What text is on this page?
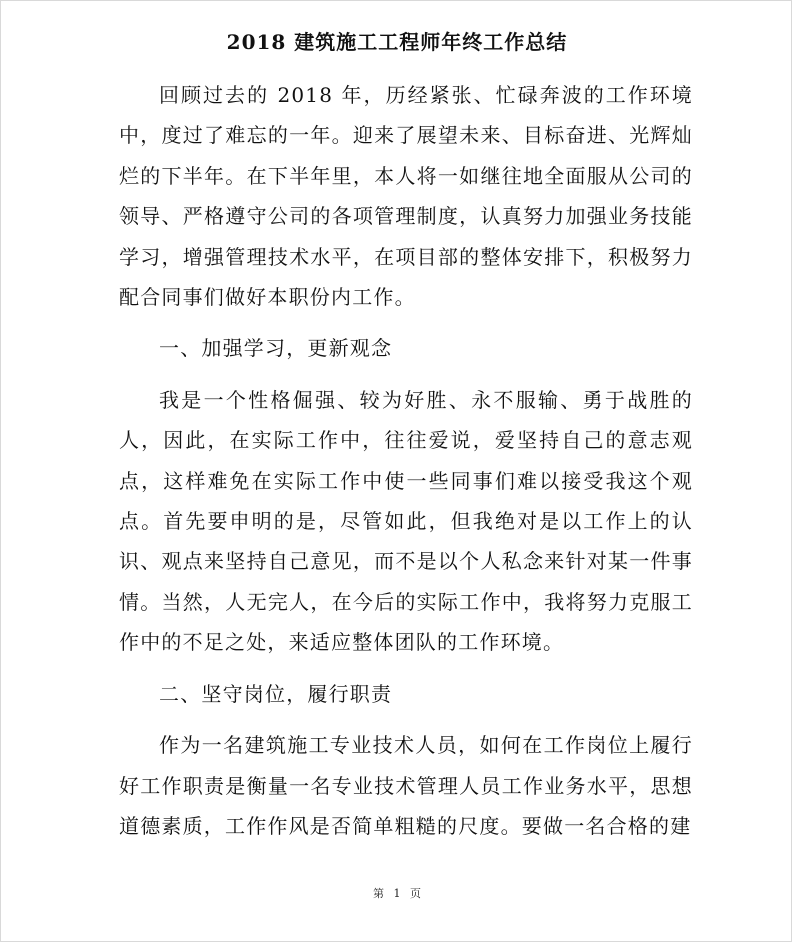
2018 建筑施工工程师年终工作总结

回顾过去的 2018 年，历经紧张、忙碌奔波的工作环境中，度过了难忘的一年。迎来了展望未来、目标奋进、光辉灿烂的下半年。在下半年里，本人将一如继往地全面服从公司的领导、严格遵守公司的各项管理制度，认真努力加强业务技能学习，增强管理技术水平，在项目部的整体安排下，积极努力配合同事们做好本职份内工作。

一、加强学习，更新观念

我是一个性格倔强、较为好胜、永不服输、勇于战胜的人，因此，在实际工作中，往往爱说，爱坚持自己的意志观点，这样难免在实际工作中使一些同事们难以接受我这个观点。首先要申明的是，尽管如此，但我绝对是以工作上的认识、观点来坚持自己意见，而不是以个人私念来针对某一件事情。当然，人无完人，在今后的实际工作中，我将努力克服工作中的不足之处，来适应整体团队的工作环境。

二、坚守岗位，履行职责

作为一名建筑施工专业技术人员，如何在工作岗位上履行好工作职责是衡量一名专业技术管理人员工作业务水平，思想道德素质，工作作风是否简单粗糙的尺度。要做一名合格的建

第 1 页
